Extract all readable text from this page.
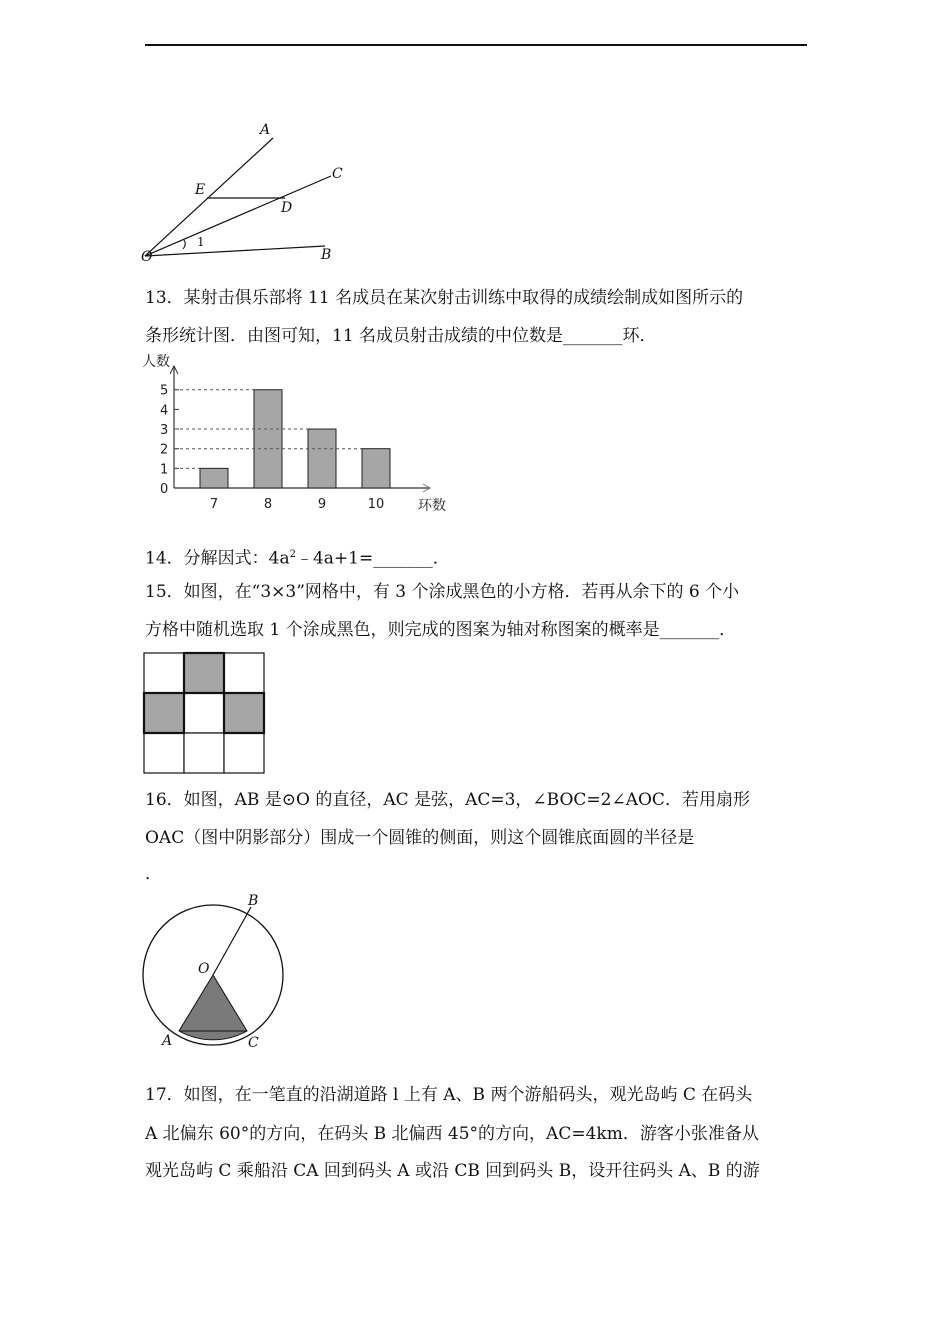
A
C
E
D
O	B
1
13．某射击俱乐部将 11 名成员在某次射击训练中取得的成绩绘制成如图所示的
条形统计图．由图可知，11 名成员射击成绩的中位数是_______环．
0
1
2
3
4
5
7	8	9	10
人数
环数
14．分解因式：$4a^2﹣4a+1=\_\_\_\_\_\_\_$．
15．如图，在“3×3”网格中，有 3 个涂成黑色的小方格．若再从余下的 6 个小
方格中随机选取 1 个涂成黑色，则完成的图案为轴对称图案的概率是_______．
16．如图，AB 是⊙O 的直径，AC 是弦，AC=3，∠BOC=2∠AOC．若用扇形
OAC（图中阴影部分）围成一个圆锥的侧面，则这个圆锥底面圆的半径是
．
B
O
A	C
17．如图，在一笔直的沿湖道路 l 上有 A、B 两个游船码头，观光岛屿 C 在码头
A 北偏东 60°的方向，在码头 B 北偏西 45°的方向，AC=4km．游客小张准备从
观光岛屿 C 乘船沿 CA 回到码头 A 或沿 CB 回到码头 B，设开往码头 A、B 的游
